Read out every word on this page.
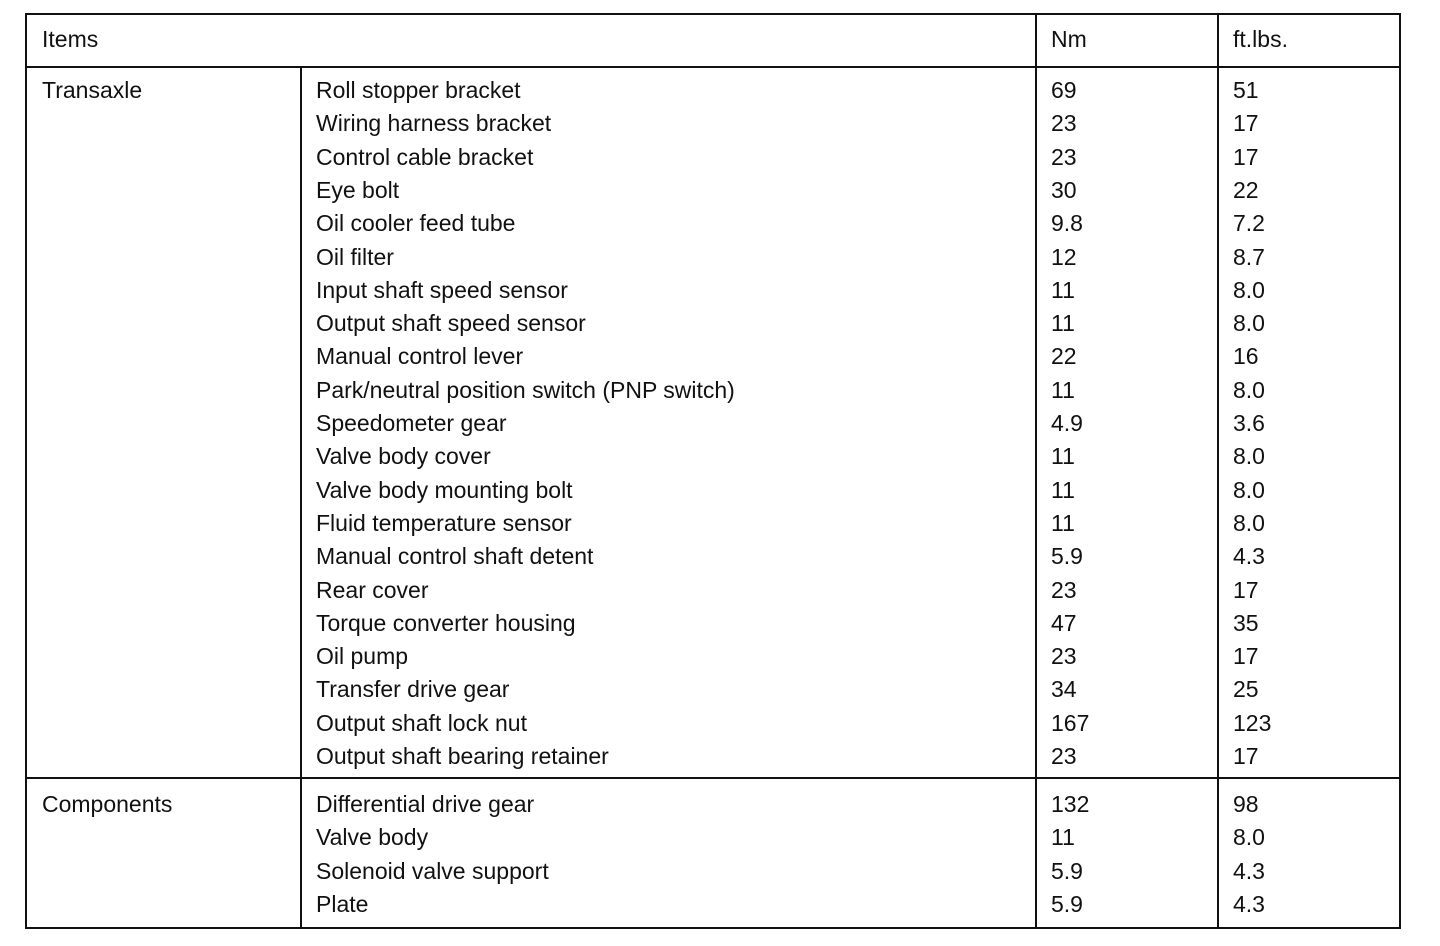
Items	Nm	ft.lbs.
Transaxle	Roll stopper bracket	69	51
Wiring harness bracket	23	17
Control cable bracket	23	17
Eye bolt	30	22
Oil cooler feed tube	9.8	7.2
Oil filter	12	8.7
Input shaft speed sensor	11	8.0
Output shaft speed sensor	11	8.0
Manual control lever	22	16
Park/neutral position switch (PNP switch)	11	8.0
Speedometer gear	4.9	3.6
Valve body cover	11	8.0
Valve body mounting bolt	11	8.0
Fluid temperature sensor	11	8.0
Manual control shaft detent	5.9	4.3
Rear cover	23	17
Torque converter housing	47	35
Oil pump	23	17
Transfer drive gear	34	25
Output shaft lock nut	167	123
Output shaft bearing retainer	23	17
Components	Differential drive gear	132	98
Valve body	11	8.0
Solenoid valve support	5.9	4.3
Plate	5.9	4.3
